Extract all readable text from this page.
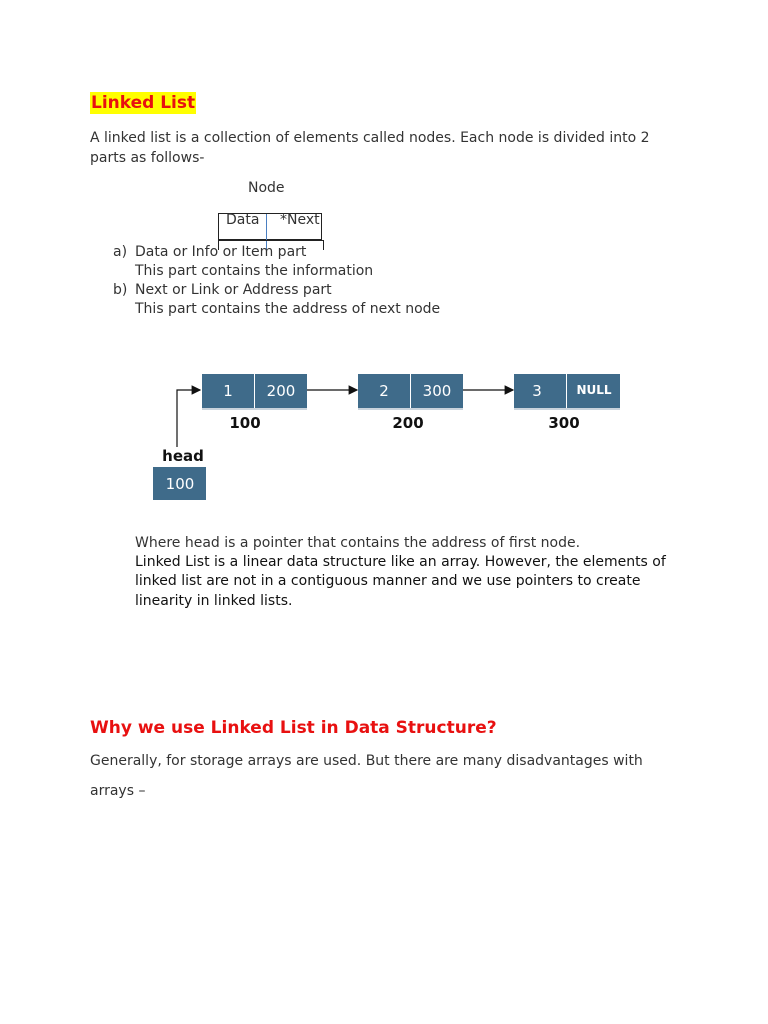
Linked List
A linked list is a collection of elements called nodes. Each node is divided into 2
parts as follows-
Node
Data *Next
a) Data or Info or Item part
This part contains the information
b) Next or Link or Address part
This part contains the address of next node
1 200
100
2 300
200
3	NULL
300
head
100
Where head is a pointer that contains the address of first node.
Linked List is a linear data structure like an array. However, the elements of
linked list are not in a contiguous manner and we use pointers to create
linearity in linked lists.
Why we use Linked List in Data Structure?
Generally, for storage arrays are used. But there are many disadvantages with
arrays –
